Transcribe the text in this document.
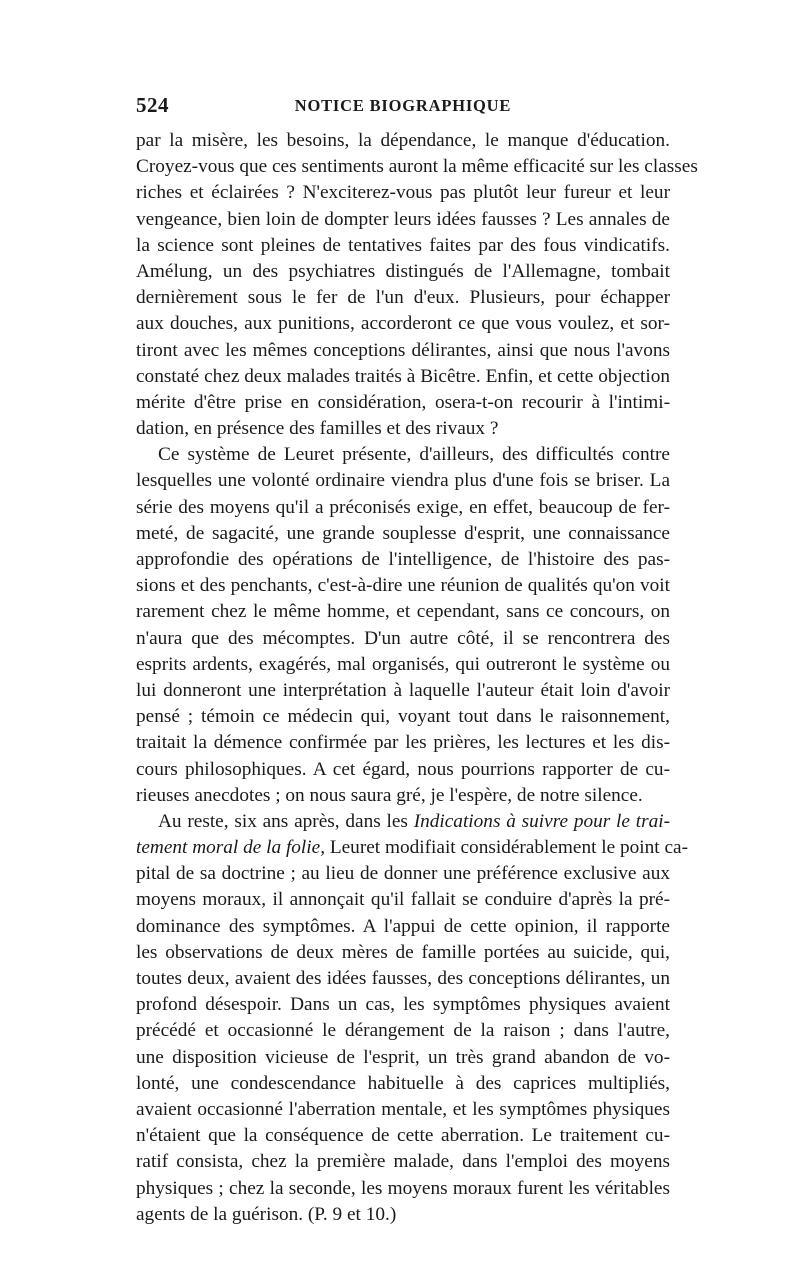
524	NOTICE BIOGRAPHIQUE
par la misère, les besoins, la dépendance, le manque d'éducation.
Croyez-vous que ces sentiments auront la même efficacité sur les classes
riches et éclairées ? N'exciterez-vous pas plutôt leur fureur et leur
vengeance, bien loin de dompter leurs idées fausses ? Les annales de
la science sont pleines de tentatives faites par des fous vindicatifs.
Amélung, un des psychiatres distingués de l'Allemagne, tombait
dernièrement sous le fer de l'un d'eux. Plusieurs, pour échapper
aux douches, aux punitions, accorderont ce que vous voulez, et sor-
tiront avec les mêmes conceptions délirantes, ainsi que nous l'avons
constaté chez deux malades traités à Bicêtre. Enfin, et cette objection
mérite d'être prise en considération, osera-t-on recourir à l'intimi-
dation, en présence des familles et des rivaux ?
Ce système de Leuret présente, d'ailleurs, des difficultés contre
lesquelles une volonté ordinaire viendra plus d'une fois se briser. La
série des moyens qu'il a préconisés exige, en effet, beaucoup de fer-
meté, de sagacité, une grande souplesse d'esprit, une connaissance
approfondie des opérations de l'intelligence, de l'histoire des pas-
sions et des penchants, c'est-à-dire une réunion de qualités qu'on voit
rarement chez le même homme, et cependant, sans ce concours, on
n'aura que des mécomptes. D'un autre côté, il se rencontrera des
esprits ardents, exagérés, mal organisés, qui outreront le système ou
lui donneront une interprétation à laquelle l'auteur était loin d'avoir
pensé ; témoin ce médecin qui, voyant tout dans le raisonnement,
traitait la démence confirmée par les prières, les lectures et les dis-
cours philosophiques. A cet égard, nous pourrions rapporter de cu-
rieuses anecdotes ; on nous saura gré, je l'espère, de notre silence.
Au reste, six ans après, dans les Indications à suivre pour le trai-
tement moral de la folie, Leuret modifiait considérablement le point ca-
pital de sa doctrine ; au lieu de donner une préférence exclusive aux
moyens moraux, il annonçait qu'il fallait se conduire d'après la pré-
dominance des symptômes. A l'appui de cette opinion, il rapporte
les observations de deux mères de famille portées au suicide, qui,
toutes deux, avaient des idées fausses, des conceptions délirantes, un
profond désespoir. Dans un cas, les symptômes physiques avaient
précédé et occasionné le dérangement de la raison ; dans l'autre,
une disposition vicieuse de l'esprit, un très grand abandon de vo-
lonté, une condescendance habituelle à des caprices multipliés,
avaient occasionné l'aberration mentale, et les symptômes physiques
n'étaient que la conséquence de cette aberration. Le traitement cu-
ratif consista, chez la première malade, dans l'emploi des moyens
physiques ; chez la seconde, les moyens moraux furent les véritables
agents de la guérison. (P. 9 et 10.)
